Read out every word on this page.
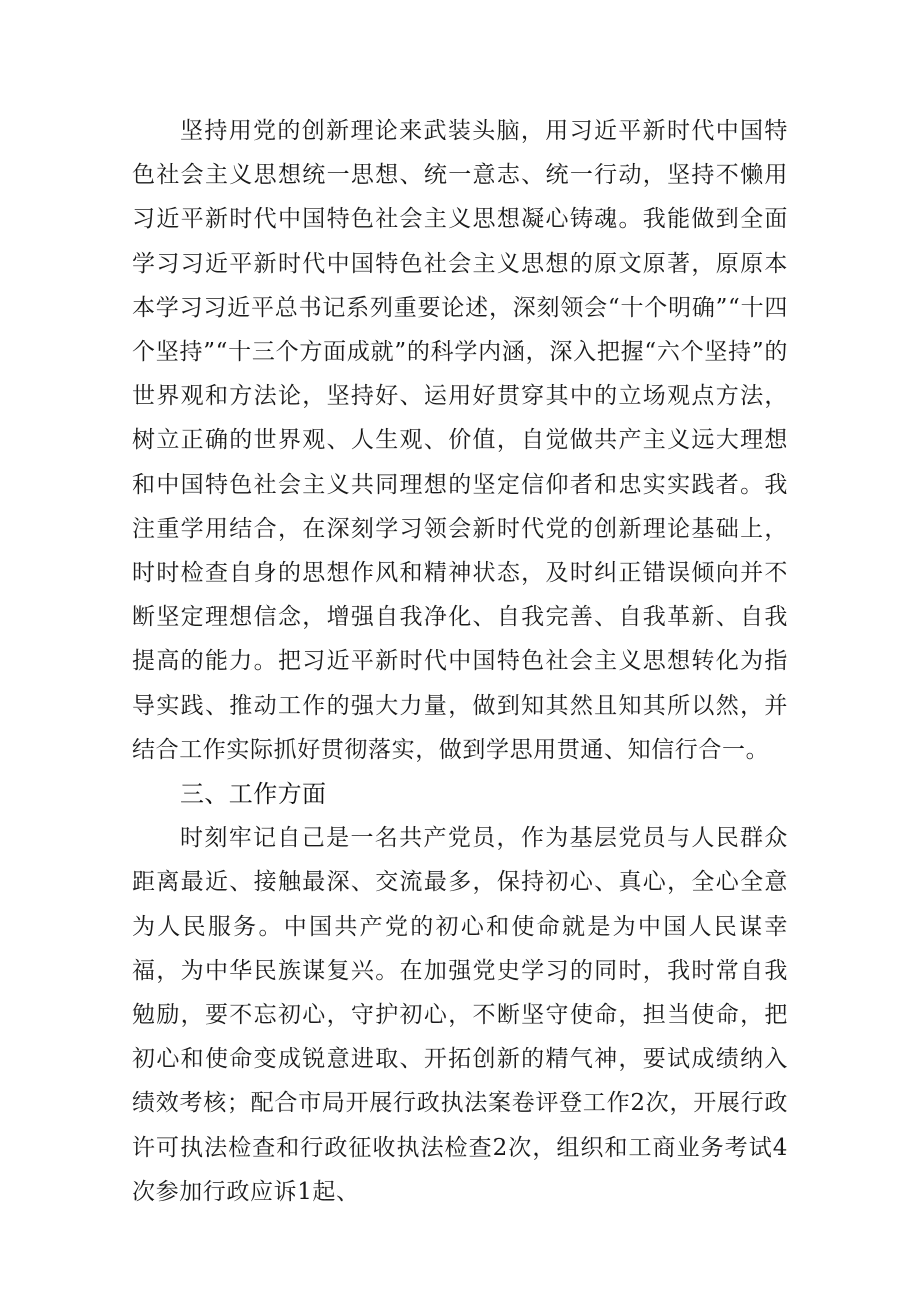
坚持用党的创新理论来武装头脑，用习近平新时代中国特色社会主义思想统一思想、统一意志、统一行动，坚持不懒用习近平新时代中国特色社会主义思想凝心铸魂。我能做到全面学习习近平新时代中国特色社会主义思想的原文原著，原原本本学习习近平总书记系列重要论述，深刻领会“十个明确”“十四个坚持”“十三个方面成就”的科学内涵，深入把握“六个坚持”的世界观和方法论，坚持好、运用好贯穿其中的立场观点方法，树立正确的世界观、人生观、价值，自觉做共产主义远大理想和中国特色社会主义共同理想的坚定信仰者和忠实实践者。我注重学用结合，在深刻学习领会新时代党的创新理论基础上，时时检查自身的思想作风和精神状态，及时纠正错误倾向并不断坚定理想信念，增强自我净化、自我完善、自我革新、自我提高的能力。把习近平新时代中国特色社会主义思想转化为指导实践、推动工作的强大力量，做到知其然且知其所以然，并结合工作实际抓好贯彻落实，做到学思用贯通、知信行合一。

三、工作方面

时刻牢记自己是一名共产党员，作为基层党员与人民群众距离最近、接触最深、交流最多，保持初心、真心，全心全意为人民服务。中国共产党的初心和使命就是为中国人民谋幸福，为中华民族谋复兴。在加强党史学习的同时，我时常自我勉励，要不忘初心，守护初心，不断坚守使命，担当使命，把初心和使命变成锐意进取、开拓创新的精气神，要试成绩纳入绩效考核；配合市局开展行政执法案卷评登工作2次，开展行政许可执法检查和行政征收执法检查2次，组织和工商业务考试4次参加行政应诉1起、
